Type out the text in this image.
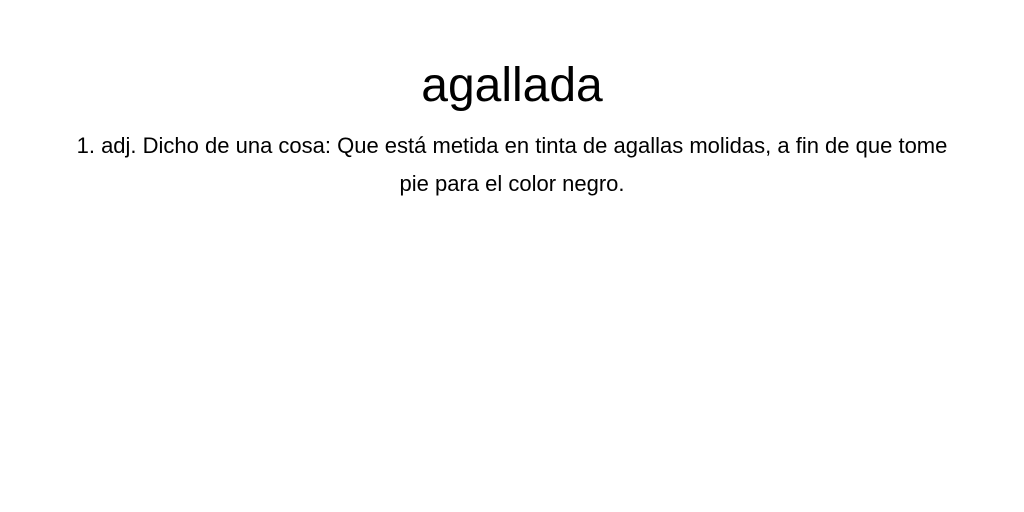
agallada

1. adj. Dicho de una cosa: Que está metida en tinta de agallas molidas, a fin de que tome pie para el color negro.
